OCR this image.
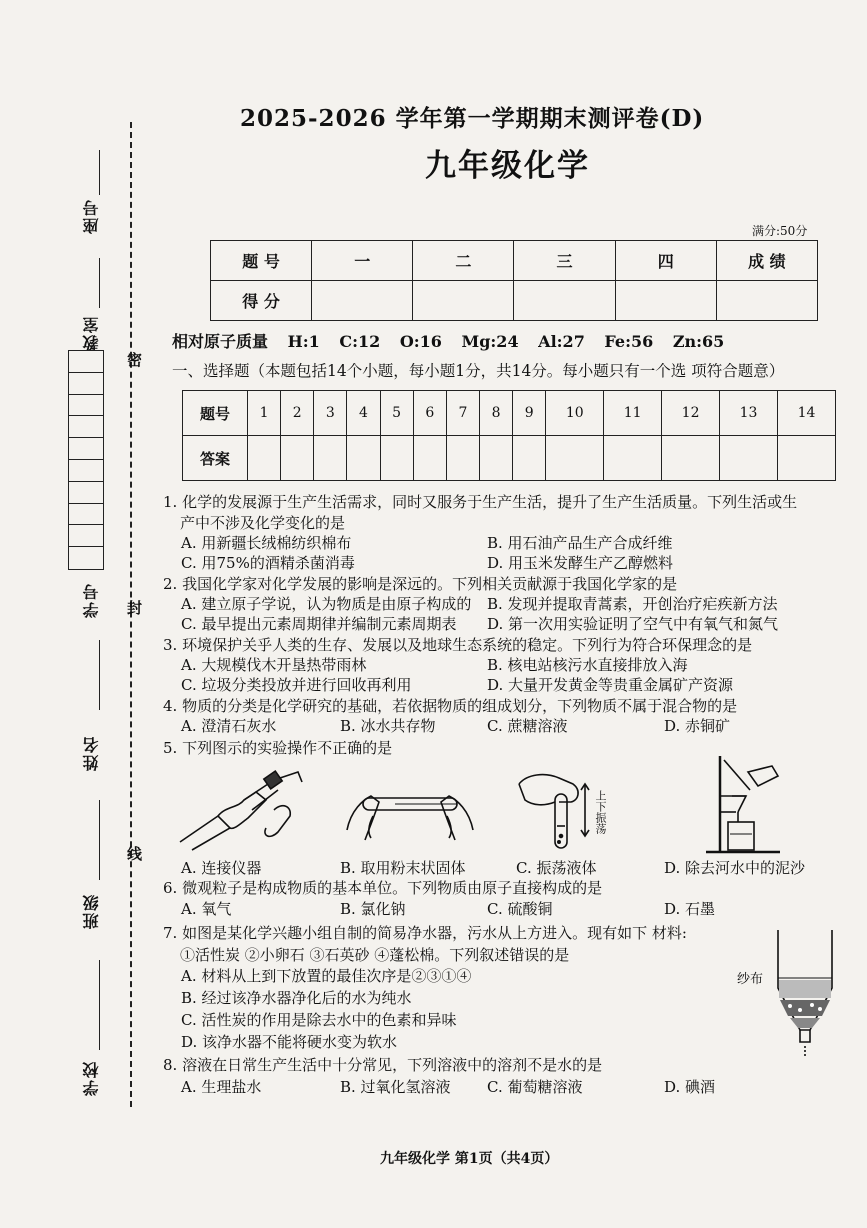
密
封
线
座号
教室
学号
姓名
班级
学校
2025-2026 学年第一学期期末测评卷(D)
九年级化学
满分:50分
题 号	一	二	三	四	成 绩
得 分					
相对原子质量 H:1 C:12 O:16 Mg:24 Al:27 Fe:56 Zn:65
一、选择题（本题包括14个小题，每小题1分，共14分。每小题只有一个选 项符合题意）
题号	1	2	3	4	5	6	7	8	9	10	11	12	13	14
答案														
1. 化学的发展源于生产生活需求，同时又服务于生产生活，提升了生产生活质量。下列生活或生
产中不涉及化学变化的是
A. 用新疆长绒棉纺织棉布	B. 用石油产品生产合成纤维
C. 用75%的酒精杀菌消毒	D. 用玉米发酵生产乙醇燃料
2. 我国化学家对化学发展的影响是深远的。下列相关贡献源于我国化学家的是
A. 建立原子学说，认为物质是由原子构成的 B. 发现并提取青蒿素，开创治疗疟疾新方法
C. 最早提出元素周期律并编制元素周期表 D. 第一次用实验证明了空气中有氧气和氮气
3. 环境保护关乎人类的生存、发展以及地球生态系统的稳定。下列行为符合环保理念的是
A. 大规模伐木开垦热带雨林	B. 核电站核污水直接排放入海
C. 垃圾分类投放并进行回收再利用	D. 大量开发黄金等贵重金属矿产资源
4. 物质的分类是化学研究的基础，若依据物质的组成划分，下列物质不属于混合物的是
A. 澄清石灰水	B. 冰水共存物	C. 蔗糖溶液	D. 赤铜矿
5. 下列图示的实验操作不正确的是
上下振荡
A. 连接仪器	B. 取用粉末状固体	C. 振荡液体	D. 除去河水中的泥沙
6. 微观粒子是构成物质的基本单位。下列物质由原子直接构成的是
A. 氧气	B. 氯化钠	C. 硫酸铜	D. 石墨
7. 如图是某化学兴趣小组自制的简易净水器，污水从上方进入。现有如下 材料:
①活性炭 ②小卵石 ③石英砂 ④蓬松棉。下列叙述错误的是
A. 材料从上到下放置的最佳次序是②③①④
B. 经过该净水器净化后的水为纯水
C. 活性炭的作用是除去水中的色素和异味
D. 该净水器不能将硬水变为软水
纱布
8. 溶液在日常生产生活中十分常见，下列溶液中的溶剂不是水的是
A. 生理盐水	B. 过氧化氢溶液 C. 葡萄糖溶液	D. 碘酒
九年级化学 第1页（共4页）
